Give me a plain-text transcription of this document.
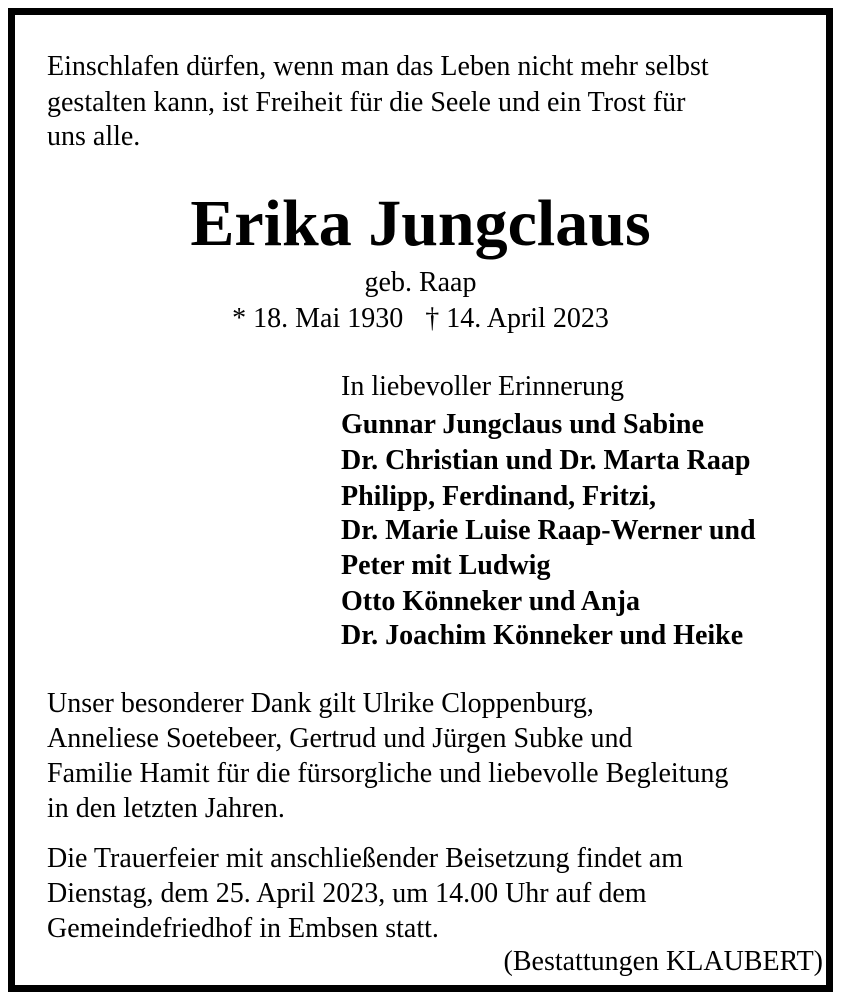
Einschlafen dürfen, wenn man das Leben nicht mehr selbst
gestalten kann, ist Freiheit für die Seele und ein Trost für
uns alle.
Erika Jungclaus
geb. Raap
* 18. Mai 1930 † 14. April 2023
In liebevoller Erinnerung
Gunnar Jungclaus und Sabine
Dr. Christian und Dr. Marta Raap
Philipp, Ferdinand, Fritzi,
Dr. Marie Luise Raap-Werner und
Peter mit Ludwig
Otto Könneker und Anja
Dr. Joachim Könneker und Heike
Unser besonderer Dank gilt Ulrike Cloppenburg,
Anneliese Soetebeer, Gertrud und Jürgen Subke und
Familie Hamit für die fürsorgliche und liebevolle Begleitung
in den letzten Jahren.
Die Trauerfeier mit anschließender Beisetzung findet am
Dienstag, dem 25. April 2023, um 14.00 Uhr auf dem
Gemeindefriedhof in Embsen statt.
(Bestattungen KLAUBERT)
